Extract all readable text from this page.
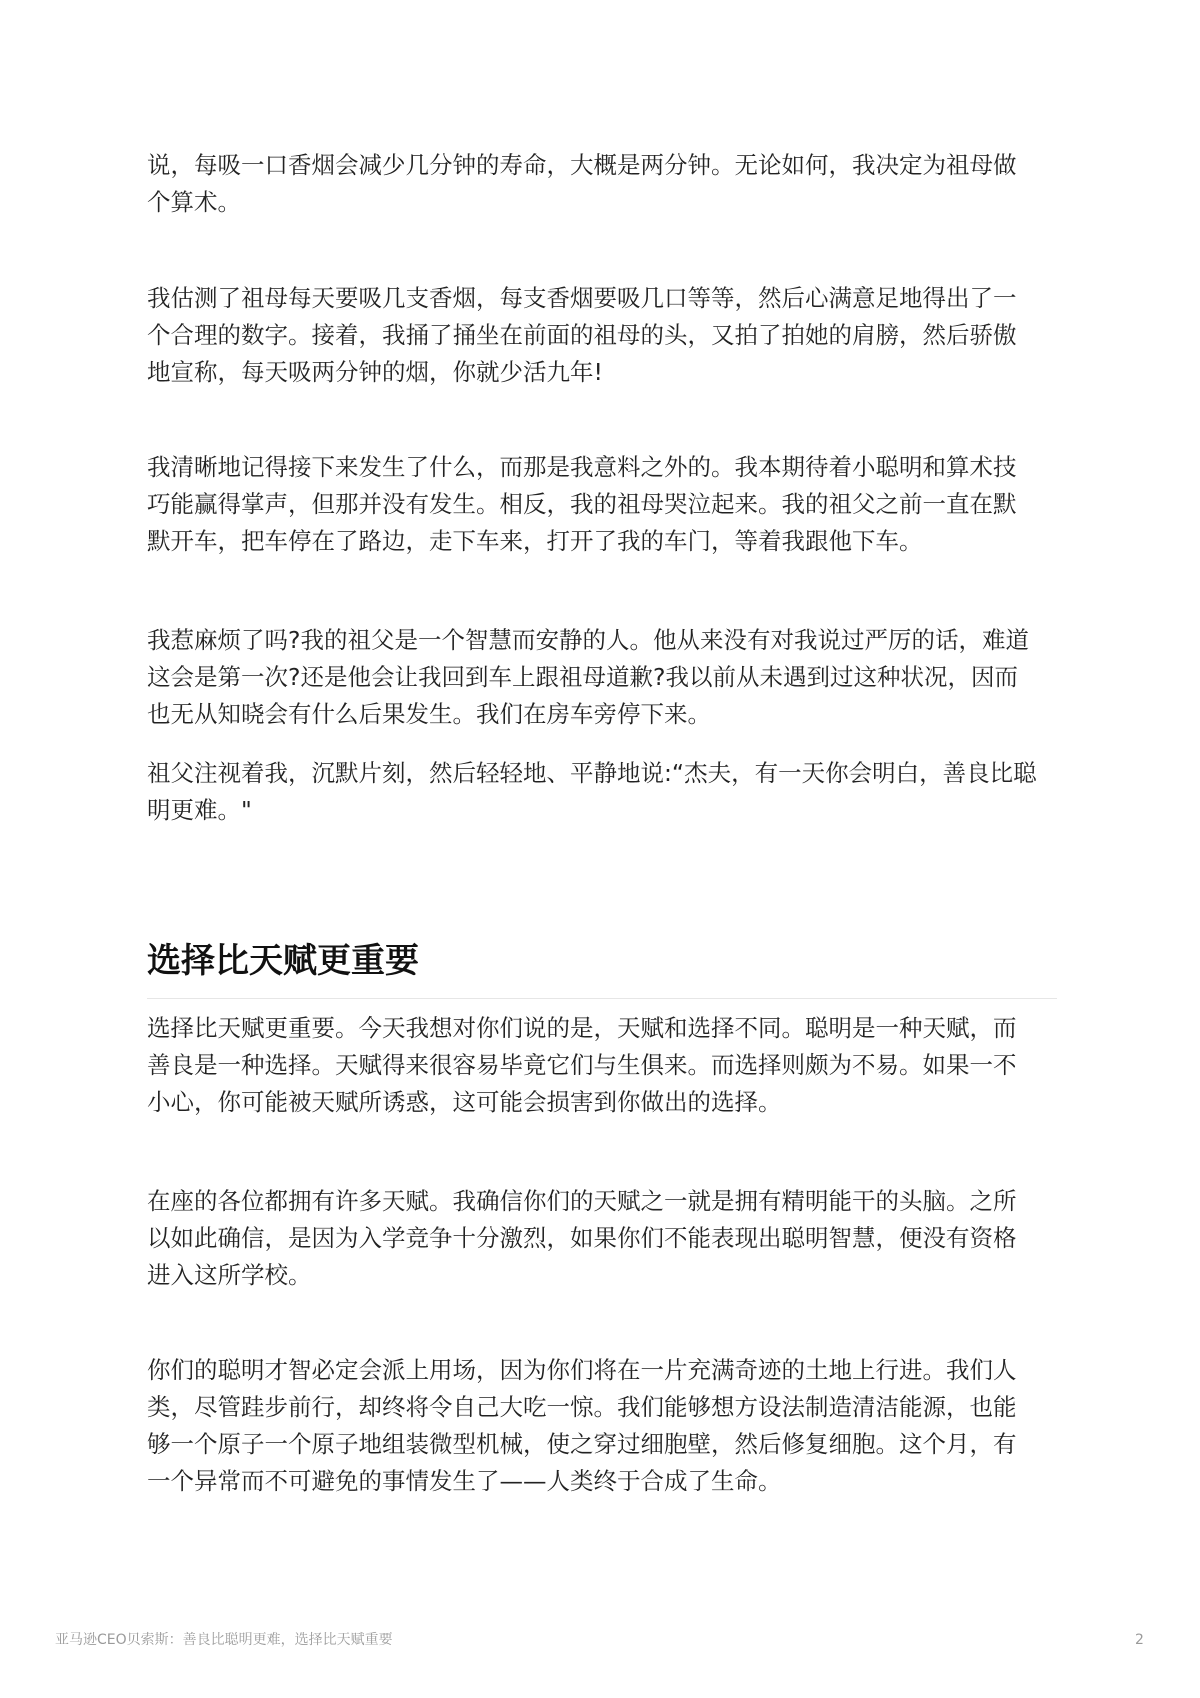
说，每吸一口香烟会减少几分钟的寿命，大概是两分钟。无论如何，我决定为祖母做
个算术。

我估测了祖母每天要吸几支香烟，每支香烟要吸几口等等，然后心满意足地得出了一
个合理的数字。接着，我捅了捅坐在前面的祖母的头，又拍了拍她的肩膀，然后骄傲
地宣称，每天吸两分钟的烟，你就少活九年!

我清晰地记得接下来发生了什么，而那是我意料之外的。我本期待着小聪明和算术技
巧能赢得掌声，但那并没有发生。相反，我的祖母哭泣起来。我的祖父之前一直在默
默开车，把车停在了路边，走下车来，打开了我的车门，等着我跟他下车。

我惹麻烦了吗?我的祖父是一个智慧而安静的人。他从来没有对我说过严厉的话，难道
这会是第一次?还是他会让我回到车上跟祖母道歉?我以前从未遇到过这种状况，因而
也无从知晓会有什么后果发生。我们在房车旁停下来。

祖父注视着我，沉默片刻，然后轻轻地、平静地说:“杰夫，有一天你会明白，善良比聪
明更难。"

选择比天赋更重要

选择比天赋更重要。今天我想对你们说的是，天赋和选择不同。聪明是一种天赋，而
善良是一种选择。天赋得来很容易毕竟它们与生俱来。而选择则颇为不易。如果一不
小心，你可能被天赋所诱惑，这可能会损害到你做出的选择。

在座的各位都拥有许多天赋。我确信你们的天赋之一就是拥有精明能干的头脑。之所
以如此确信，是因为入学竞争十分激烈，如果你们不能表现出聪明智慧，便没有资格
进入这所学校。

你们的聪明才智必定会派上用场，因为你们将在一片充满奇迹的土地上行进。我们人
类，尽管跬步前行，却终将令自己大吃一惊。我们能够想方设法制造清洁能源，也能
够一个原子一个原子地组装微型机械，使之穿过细胞壁，然后修复细胞。这个月，有
一个异常而不可避免的事情发生了——人类终于合成了生命。

亚马逊CEO贝索斯：善良比聪明更难，选择比天赋重要	2
